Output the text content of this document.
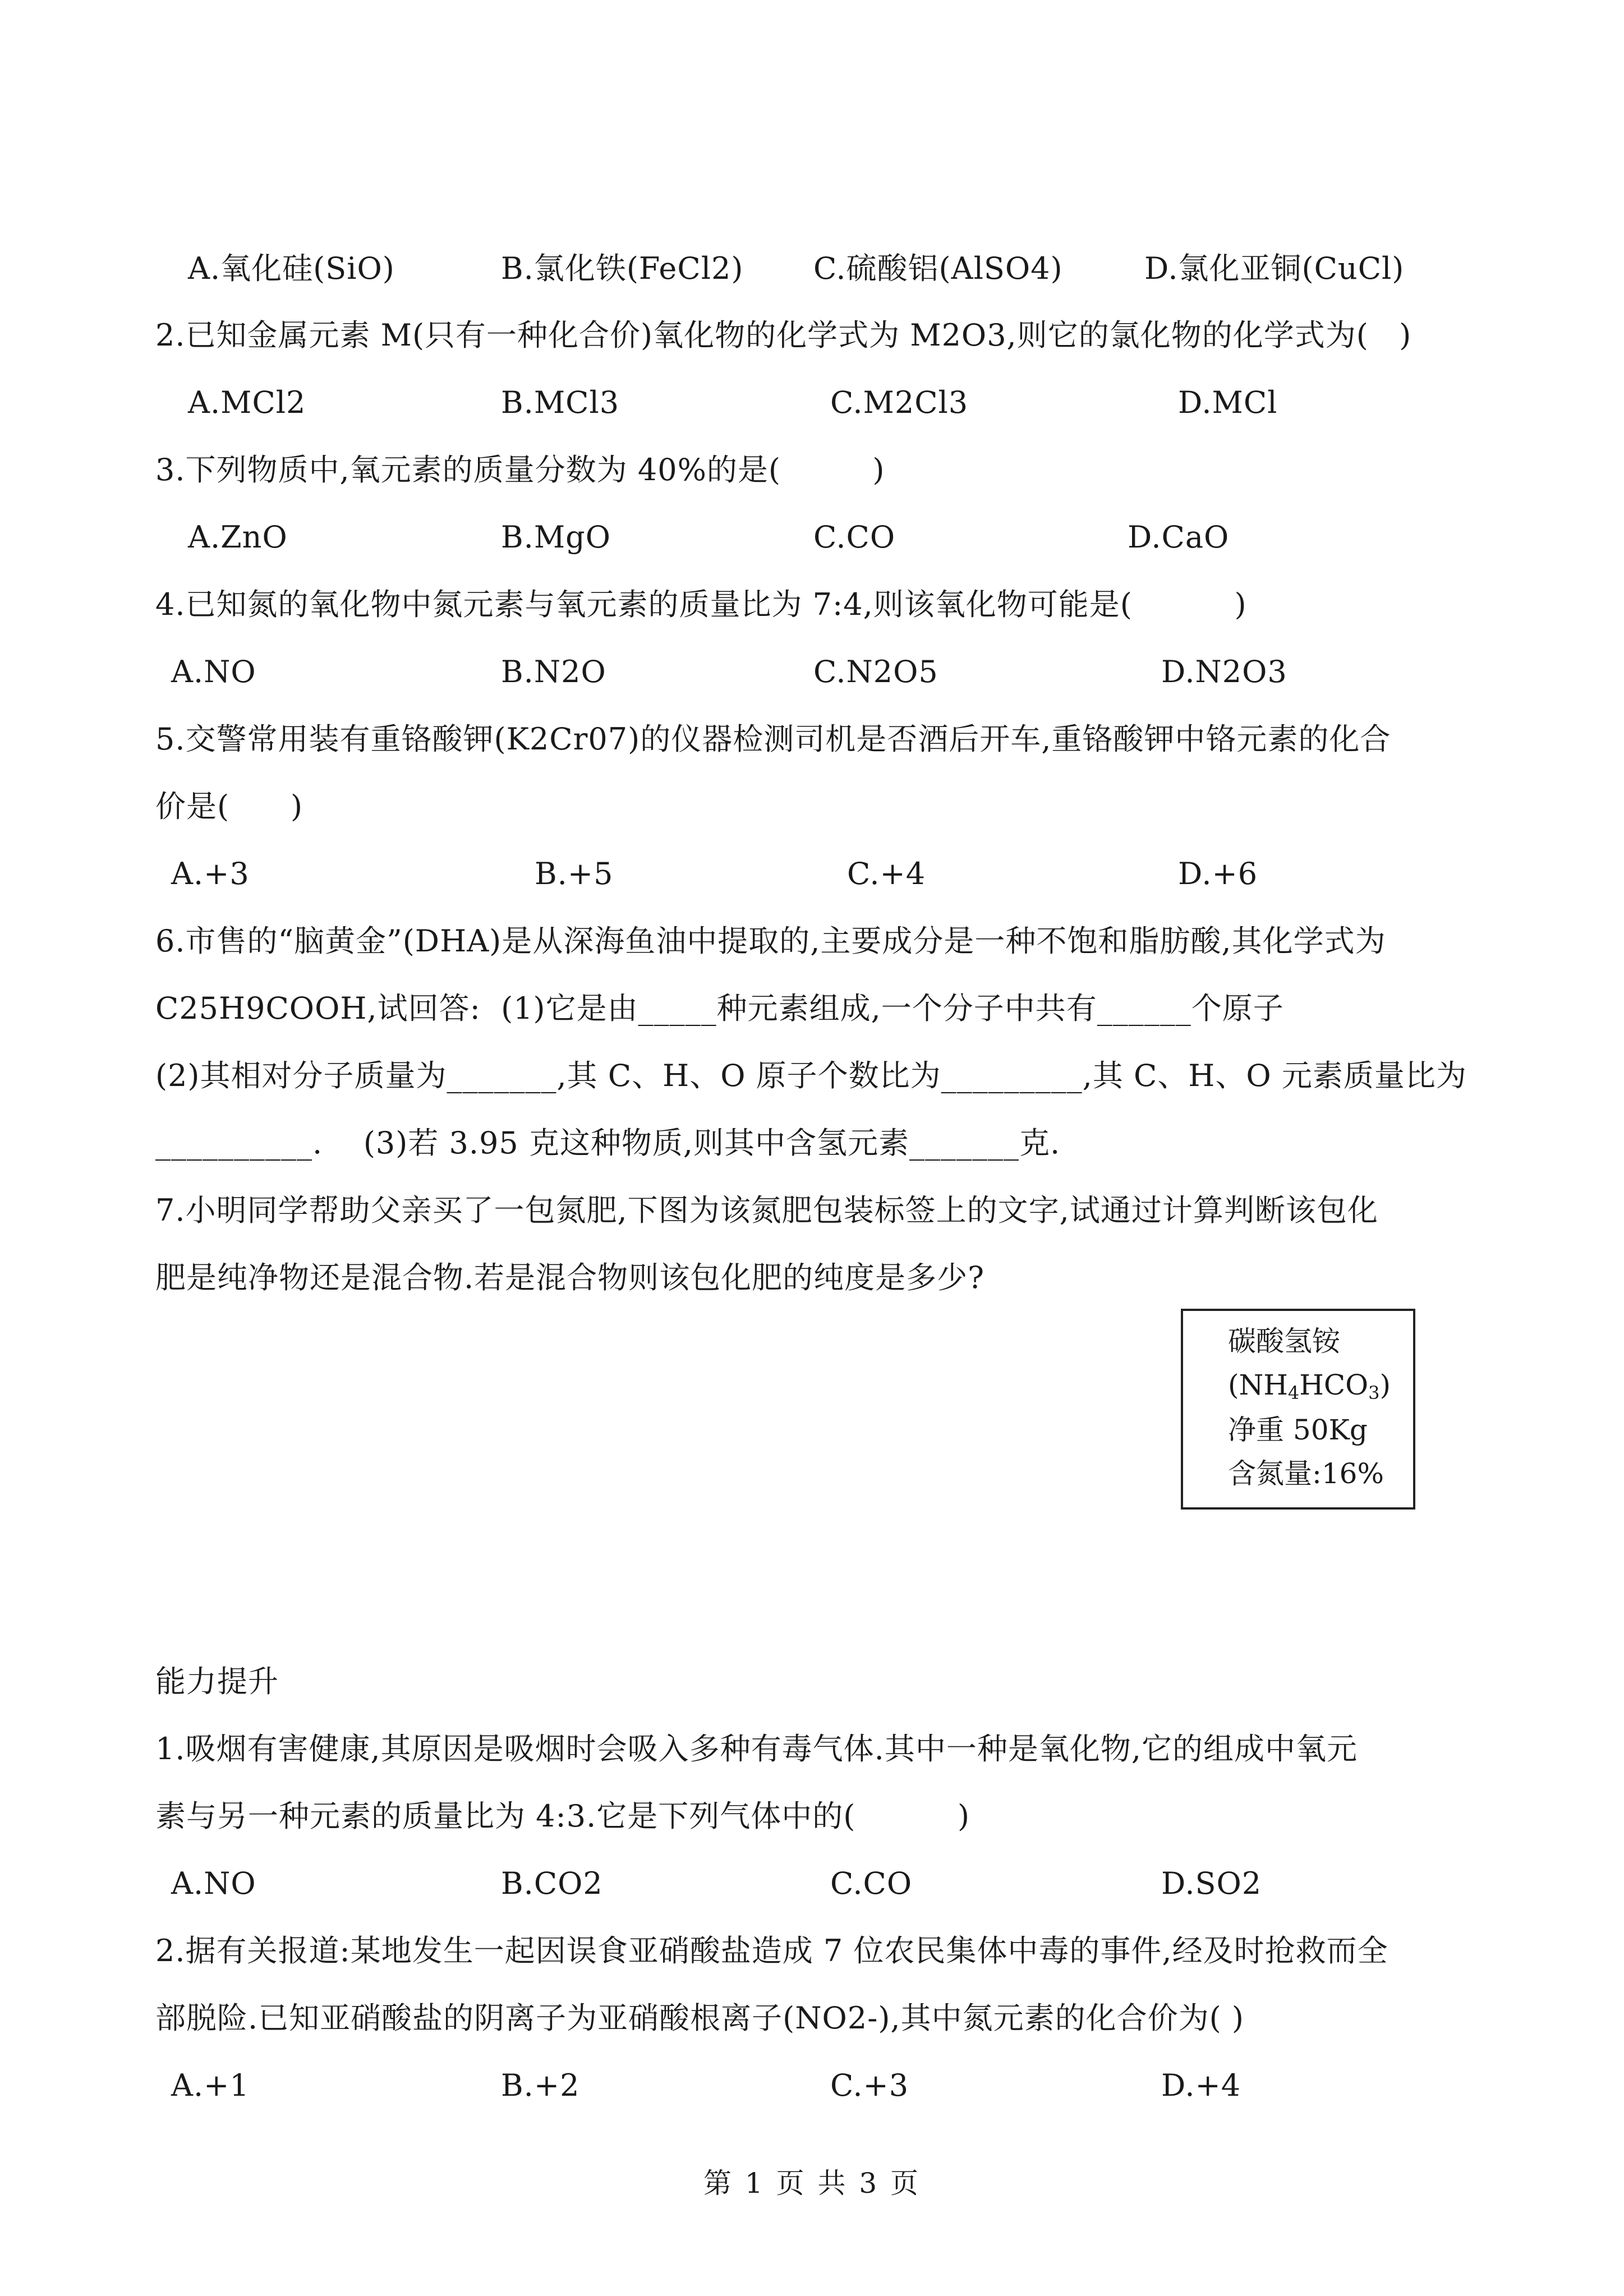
A.氧化硅(SiO)	B.氯化铁(FeCl2) C.硫酸铝(AlSO4)	D.氯化亚铜(CuCl)
2.已知金属元素 M(只有一种化合价)氧化物的化学式为 M2O3,则它的氯化物的化学式为(   )
A.MCl2	B.MCl3	C.M2Cl3	D.MCl
3.下列物质中,氧元素的质量分数为 40%的是(         )
A.ZnO	B.MgO	C.CO	D.CaO
4.已知氮的氧化物中氮元素与氧元素的质量比为 7:4,则该氧化物可能是(          )
A.NO	B.N2O	C.N2O5	D.N2O3
5.交警常用装有重铬酸钾(K2Cr07)的仪器检测司机是否酒后开车,重铬酸钾中铬元素的化合
价是(      )
A.+3	B.+5	C.+4	D.+6
6.市售的“脑黄金”(DHA)是从深海鱼油中提取的,主要成分是一种不饱和脂肪酸,其化学式为
C25H9COOH,试回答:  (1)它是由_____种元素组成,一个分子中共有______个原子
(2)其相对分子质量为_______,其 C、H、O 原子个数比为_________,其 C、H、O 元素质量比为
__________.    (3)若 3.95 克这种物质,则其中含氢元素_______克.
7.小明同学帮助父亲买了一包氮肥,下图为该氮肥包装标签上的文字,试通过计算判断该包化
肥是纯净物还是混合物.若是混合物则该包化肥的纯度是多少?
碳酸氢铵
$(NH_4HCO_3)$
净重 50Kg
含氮量:16%
能力提升
1.吸烟有害健康,其原因是吸烟时会吸入多种有毒气体.其中一种是氧化物,它的组成中氧元
素与另一种元素的质量比为 4:3.它是下列气体中的(          )
A.NO	B.CO2	C.CO	D.SO2
2.据有关报道:某地发生一起因误食亚硝酸盐造成 7 位农民集体中毒的事件,经及时抢救而全
部脱险.已知亚硝酸盐的阴离子为亚硝酸根离子(NO2-),其中氮元素的化合价为( )
A.+1	B.+2	C.+3	D.+4
第 1 页 共 3 页
